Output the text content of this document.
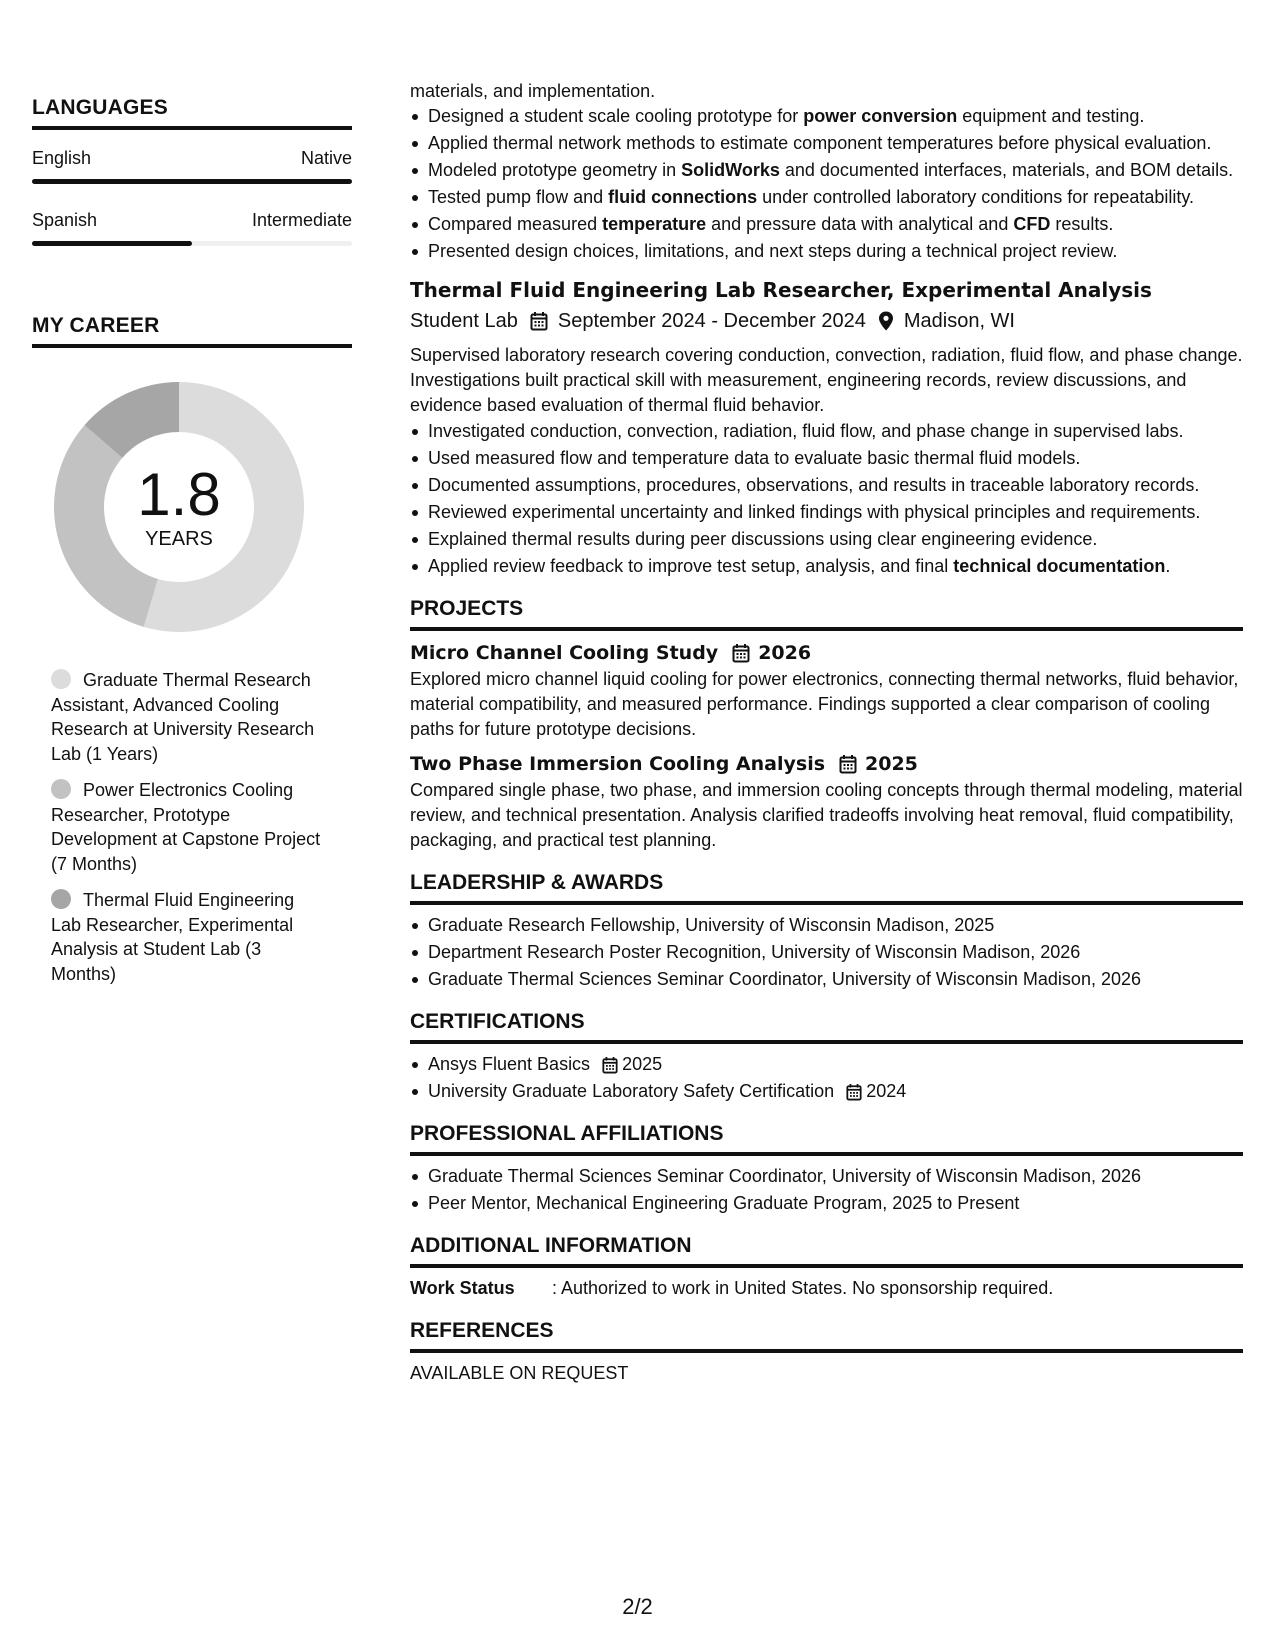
LANGUAGES
English	Native
Spanish	Intermediate
MY CAREER
1.8
YEARS
Graduate Thermal Research Assistant, Advanced Cooling Research at University Research Lab (1 Years)
Power Electronics Cooling Researcher, Prototype Development at Capstone Project (7 Months)
Thermal Fluid Engineering Lab Researcher, Experimental Analysis at Student Lab (3 Months)
materials, and implementation.
Designed a student scale cooling prototype for power conversion equipment and testing.
Applied thermal network methods to estimate component temperatures before physical evaluation.
Modeled prototype geometry in SolidWorks and documented interfaces, materials, and BOM details.
Tested pump flow and fluid connections under controlled laboratory conditions for repeatability.
Compared measured temperature and pressure data with analytical and CFD results.
Presented design choices, limitations, and next steps during a technical project review.
Thermal Fluid Engineering Lab Researcher, Experimental Analysis
Student Lab September 2024 - December 2024 Madison, WI
Supervised laboratory research covering conduction, convection, radiation, fluid flow, and phase change. Investigations built practical skill with measurement, engineering records, review discussions, and evidence based evaluation of thermal fluid behavior.
Investigated conduction, convection, radiation, fluid flow, and phase change in supervised labs.
Used measured flow and temperature data to evaluate basic thermal fluid models.
Documented assumptions, procedures, observations, and results in traceable laboratory records.
Reviewed experimental uncertainty and linked findings with physical principles and requirements.
Explained thermal results during peer discussions using clear engineering evidence.
Applied review feedback to improve test setup, analysis, and final technical documentation.
PROJECTS
Micro Channel Cooling Study 2026
Explored micro channel liquid cooling for power electronics, connecting thermal networks, fluid behavior, material compatibility, and measured performance. Findings supported a clear comparison of cooling paths for future prototype decisions.
Two Phase Immersion Cooling Analysis 2025
Compared single phase, two phase, and immersion cooling concepts through thermal modeling, material review, and technical presentation. Analysis clarified tradeoffs involving heat removal, fluid compatibility, packaging, and practical test planning.
LEADERSHIP & AWARDS
Graduate Research Fellowship, University of Wisconsin Madison, 2025
Department Research Poster Recognition, University of Wisconsin Madison, 2026
Graduate Thermal Sciences Seminar Coordinator, University of Wisconsin Madison, 2026
CERTIFICATIONS
Ansys Fluent Basics 2025
University Graduate Laboratory Safety Certification 2024
PROFESSIONAL AFFILIATIONS
Graduate Thermal Sciences Seminar Coordinator, University of Wisconsin Madison, 2026
Peer Mentor, Mechanical Engineering Graduate Program, 2025 to Present
ADDITIONAL INFORMATION
Work Status	: Authorized to work in United States. No sponsorship required.
REFERENCES
AVAILABLE ON REQUEST
2/2
